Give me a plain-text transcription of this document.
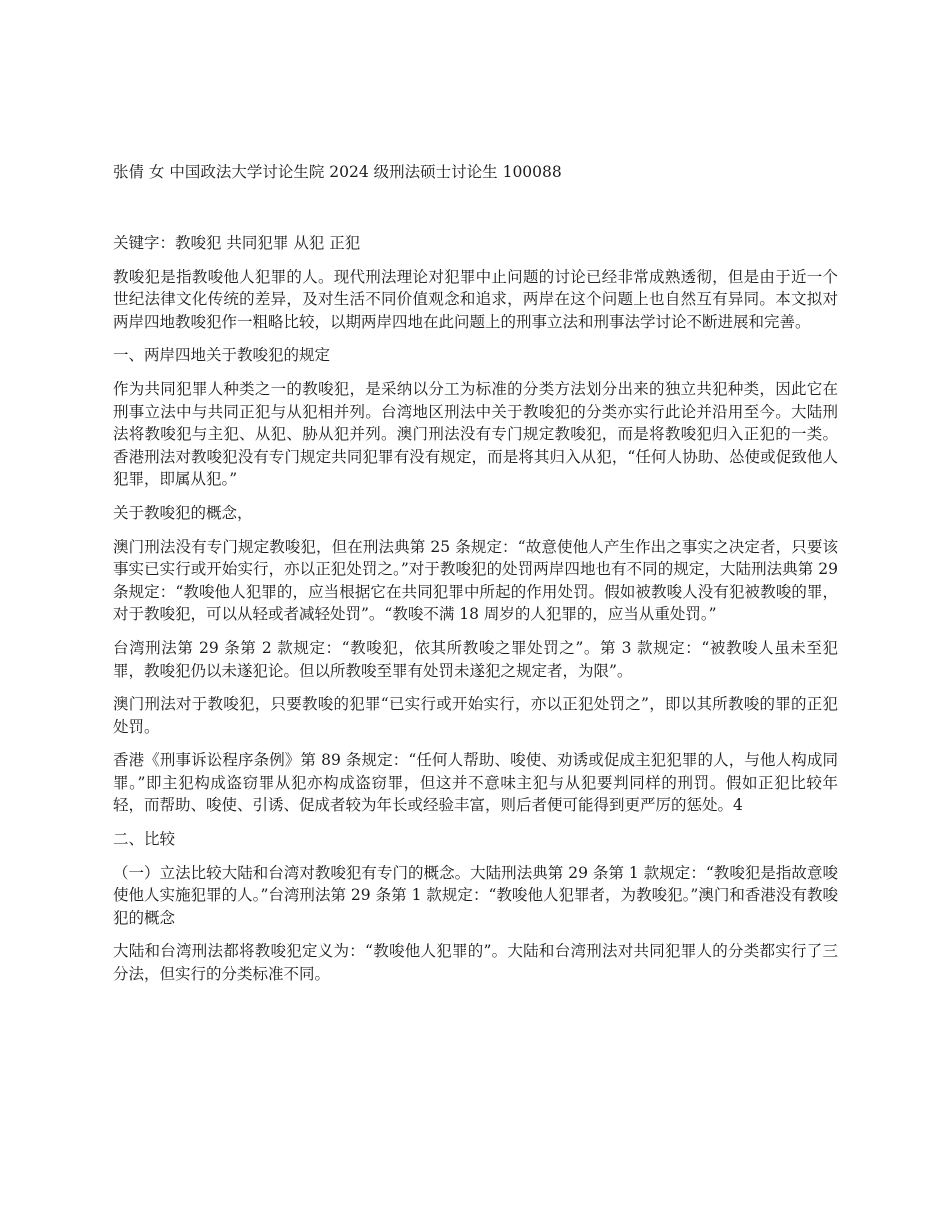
张倩 女 中国政法大学讨论生院 2024 级刑法硕士讨论生 100088

关键字：教唆犯 共同犯罪 从犯 正犯

教唆犯是指教唆他人犯罪的人。现代刑法理论对犯罪中止问题的讨论已经非常成熟透彻，但是由于近一个世纪法律文化传统的差异，及对生活不同价值观念和追求，两岸在这个问题上也自然互有异同。本文拟对两岸四地教唆犯作一粗略比较，以期两岸四地在此问题上的刑事立法和刑事法学讨论不断进展和完善。

一、两岸四地关于教唆犯的规定

作为共同犯罪人种类之一的教唆犯，是采纳以分工为标准的分类方法划分出来的独立共犯种类，因此它在刑事立法中与共同正犯与从犯相并列。台湾地区刑法中关于教唆犯的分类亦实行此论并沿用至今。大陆刑法将教唆犯与主犯、从犯、胁从犯并列。澳门刑法没有专门规定教唆犯，而是将教唆犯归入正犯的一类。香港刑法对教唆犯没有专门规定共同犯罪有没有规定，而是将其归入从犯，“任何人协助、怂使或促致他人犯罪，即属从犯。”

关于教唆犯的概念，

澳门刑法没有专门规定教唆犯，但在刑法典第 25 条规定：“故意使他人产生作出之事实之决定者，只要该事实已实行或开始实行，亦以正犯处罚之。”对于教唆犯的处罚两岸四地也有不同的规定，大陆刑法典第 29 条规定：“教唆他人犯罪的，应当根据它在共同犯罪中所起的作用处罚。假如被教唆人没有犯被教唆的罪，对于教唆犯，可以从轻或者减轻处罚”。“教唆不满 18 周岁的人犯罪的，应当从重处罚。”

台湾刑法第 29 条第 2 款规定：“教唆犯，依其所教唆之罪处罚之”。第 3 款规定：“被教唆人虽未至犯罪，教唆犯仍以未遂犯论。但以所教唆至罪有处罚未遂犯之规定者，为限”。

澳门刑法对于教唆犯，只要教唆的犯罪“已实行或开始实行，亦以正犯处罚之”，即以其所教唆的罪的正犯处罚。

香港《刑事诉讼程序条例》第 89 条规定：“任何人帮助、唆使、劝诱或促成主犯犯罪的人，与他人构成同罪。”即主犯构成盗窃罪从犯亦构成盗窃罪，但这并不意味主犯与从犯要判同样的刑罚。假如正犯比较年轻，而帮助、唆使、引诱、促成者较为年长或经验丰富，则后者便可能得到更严厉的惩处。4

二、比较

（一）立法比较大陆和台湾对教唆犯有专门的概念。大陆刑法典第 29 条第 1 款规定：“教唆犯是指故意唆使他人实施犯罪的人。”台湾刑法第 29 条第 1 款规定：“教唆他人犯罪者，为教唆犯。”澳门和香港没有教唆犯的概念

大陆和台湾刑法都将教唆犯定义为：“教唆他人犯罪的”。大陆和台湾刑法对共同犯罪人的分类都实行了三分法，但实行的分类标准不同。
